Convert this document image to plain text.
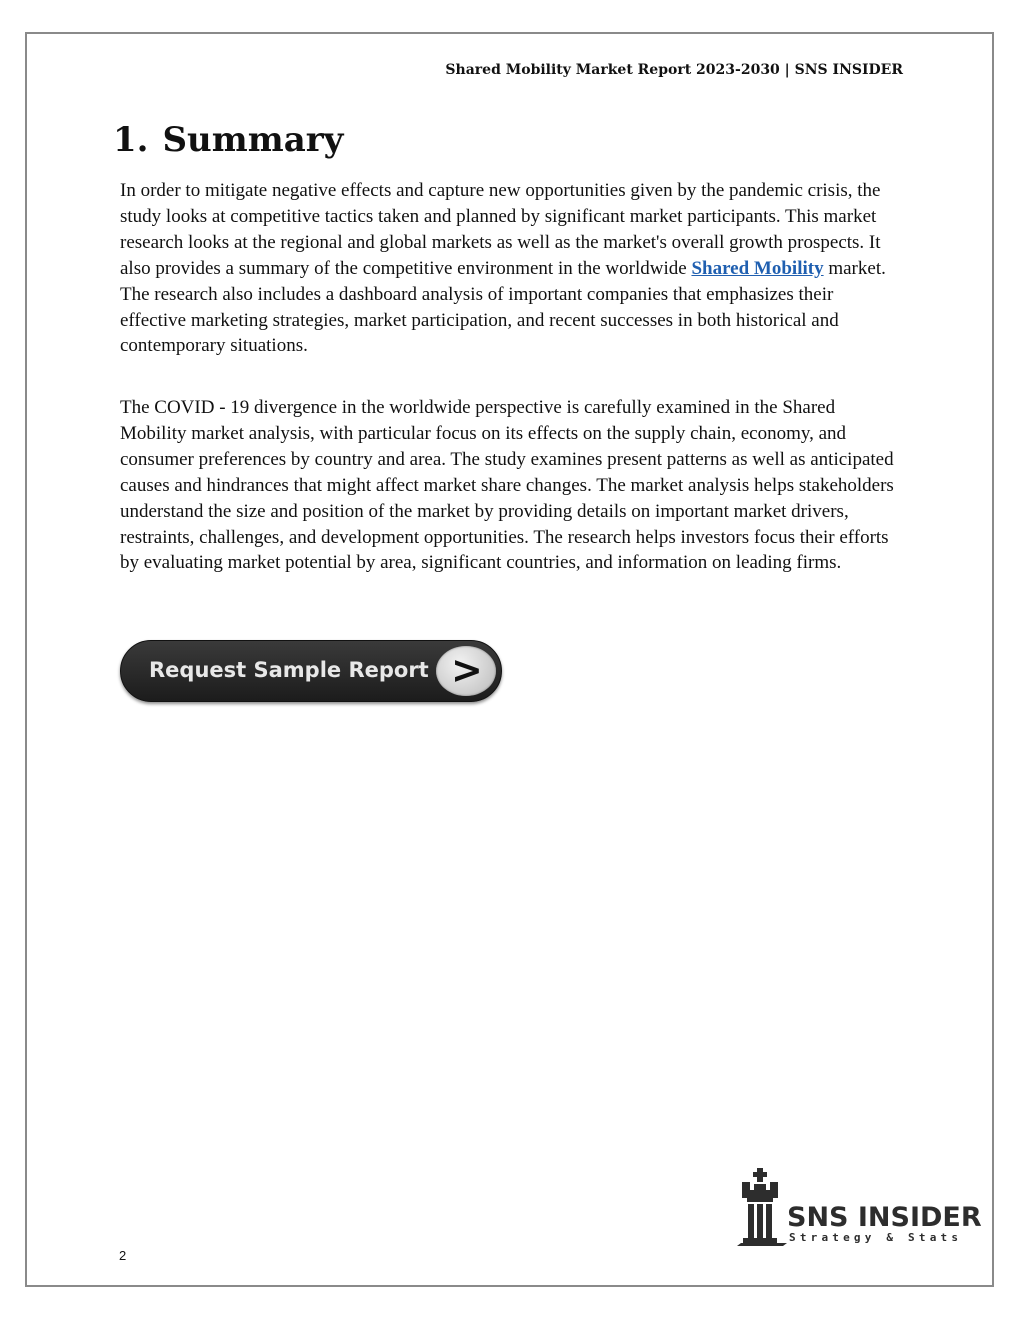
Shared Mobility Market Report 2023-2030 | SNS INSIDER
1. Summary

In order to mitigate negative effects and capture new opportunities given by the pandemic crisis, the study looks at competitive tactics taken and planned by significant market participants. This market research looks at the regional and global markets as well as the market's overall growth prospects. It also provides a summary of the competitive environment in the worldwide Shared Mobility market. The research also includes a dashboard analysis of important companies that emphasizes their effective marketing strategies, market participation, and recent successes in both historical and contemporary situations.

The COVID - 19 divergence in the worldwide perspective is carefully examined in the Shared Mobility market analysis, with particular focus on its effects on the supply chain, economy, and consumer preferences by country and area. The study examines present patterns as well as anticipated causes and hindrances that might affect market share changes. The market analysis helps stakeholders understand the size and position of the market by providing details on important market drivers, restraints, challenges, and development opportunities. The research helps investors focus their efforts by evaluating market potential by area, significant countries, and information on leading firms.

Request Sample Report >
SNS INSIDER
Strategy & Stats
2
